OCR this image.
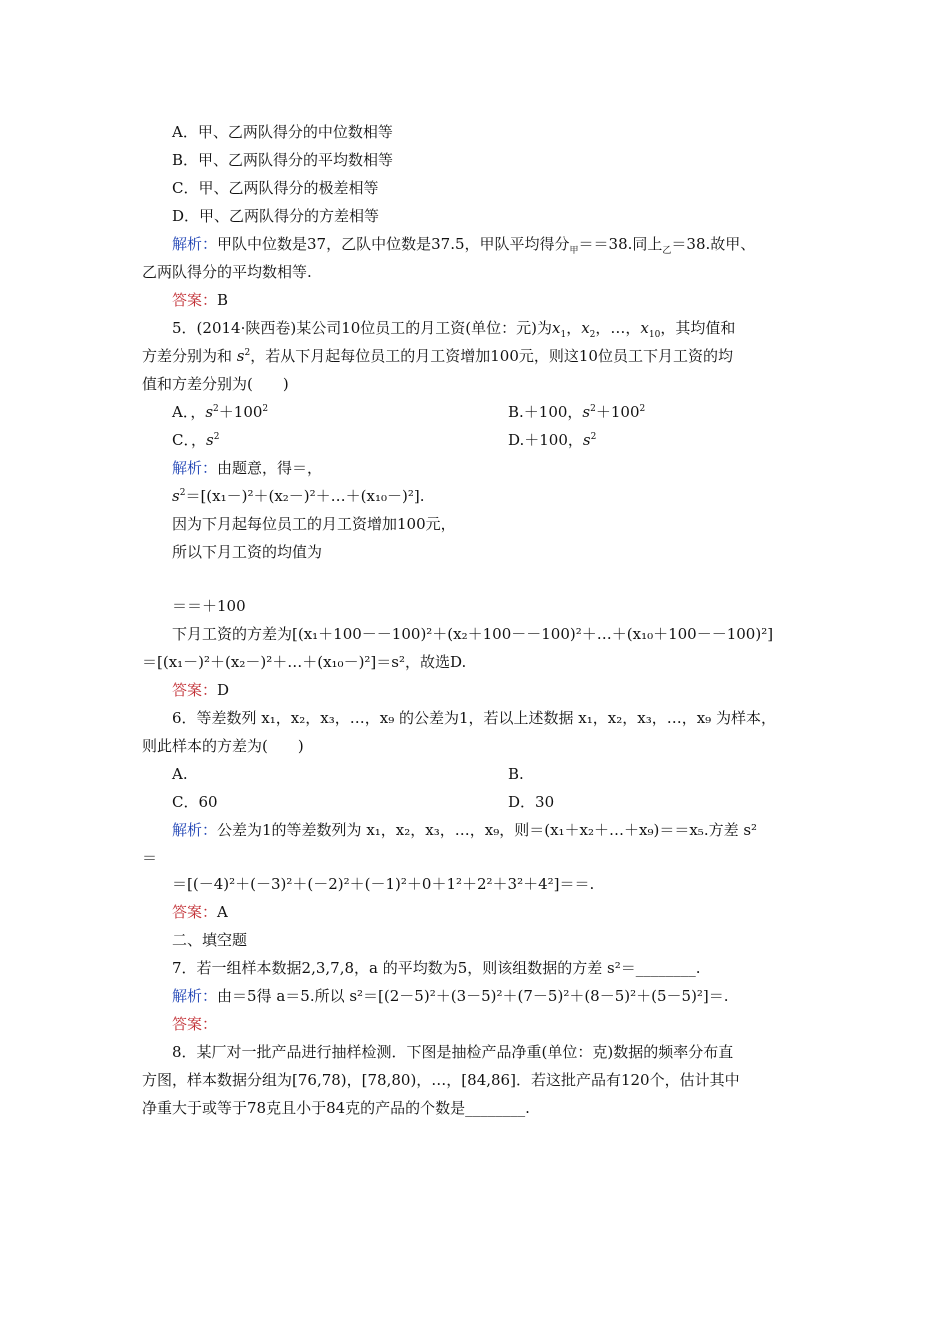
A．甲、乙两队得分的中位数相等
B．甲、乙两队得分的平均数相等
C．甲、乙两队得分的极差相等
D．甲、乙两队得分的方差相等
解析：甲队中位数是37，乙队中位数是37.5，甲队平均得分$_甲$＝＝38.同上$_乙$＝38.故甲、
乙两队得分的平均数相等.
答案：B
5．(2014·陕西卷)某公司10位员工的月工资(单位：元)为$x_1$，$x_2$，…，$x_{10}$，其均值和
方差分别为和 $s^2$，若从下月起每位员工的月工资增加100元，则这10位员工下月工资的均
值和方差分别为(　　)
A．，$s^2+100^2$	B.＋100，$s^2+100^2$
C．，$s^2$	D.＋100，$s^2$
解析：由题意，得＝，
$s^2=[(x_1-)^2+(x_2-)^2+\dots+(x_{10}-)^2]$.
因为下月起每位员工的月工资增加100元，
所以下月工资的均值为
＝＝＋100
下月工资的方差为[(x₁＋100－－100)²＋(x₂＋100－－100)²＋…＋(x₁₀＋100－－100)²]
＝[(x₁－)²＋(x₂－)²＋…＋(x₁₀－)²]＝s²，故选D.
答案：D
6．等差数列 x₁，x₂，x₃，…，x₉ 的公差为1，若以上述数据 x₁，x₂，x₃，…，x₉ 为样本，
则此样本的方差为(　　)
A.	B.
C．60	D．30
解析：公差为1的等差数列为 x₁，x₂，x₃，…，x₉，则＝(x₁＋x₂＋…＋x₉)＝＝x₅.方差 s²
＝
＝[(－4)²＋(－3)²＋(－2)²＋(－1)²＋0＋1²＋2²＋3²＋4²]＝＝.
答案：A
二、填空题
7．若一组样本数据2,3,7,8，a 的平均数为5，则该组数据的方差 s²＝________.
解析：由＝5得 a＝5.所以 s²＝[(2－5)²＋(3－5)²＋(7－5)²＋(8－5)²＋(5－5)²]＝.
答案：
8．某厂对一批产品进行抽样检测．下图是抽检产品净重(单位：克)数据的频率分布直
方图，样本数据分组为[76,78)，[78,80)，…，[84,86]．若这批产品有120个，估计其中
净重大于或等于78克且小于84克的产品的个数是________.
